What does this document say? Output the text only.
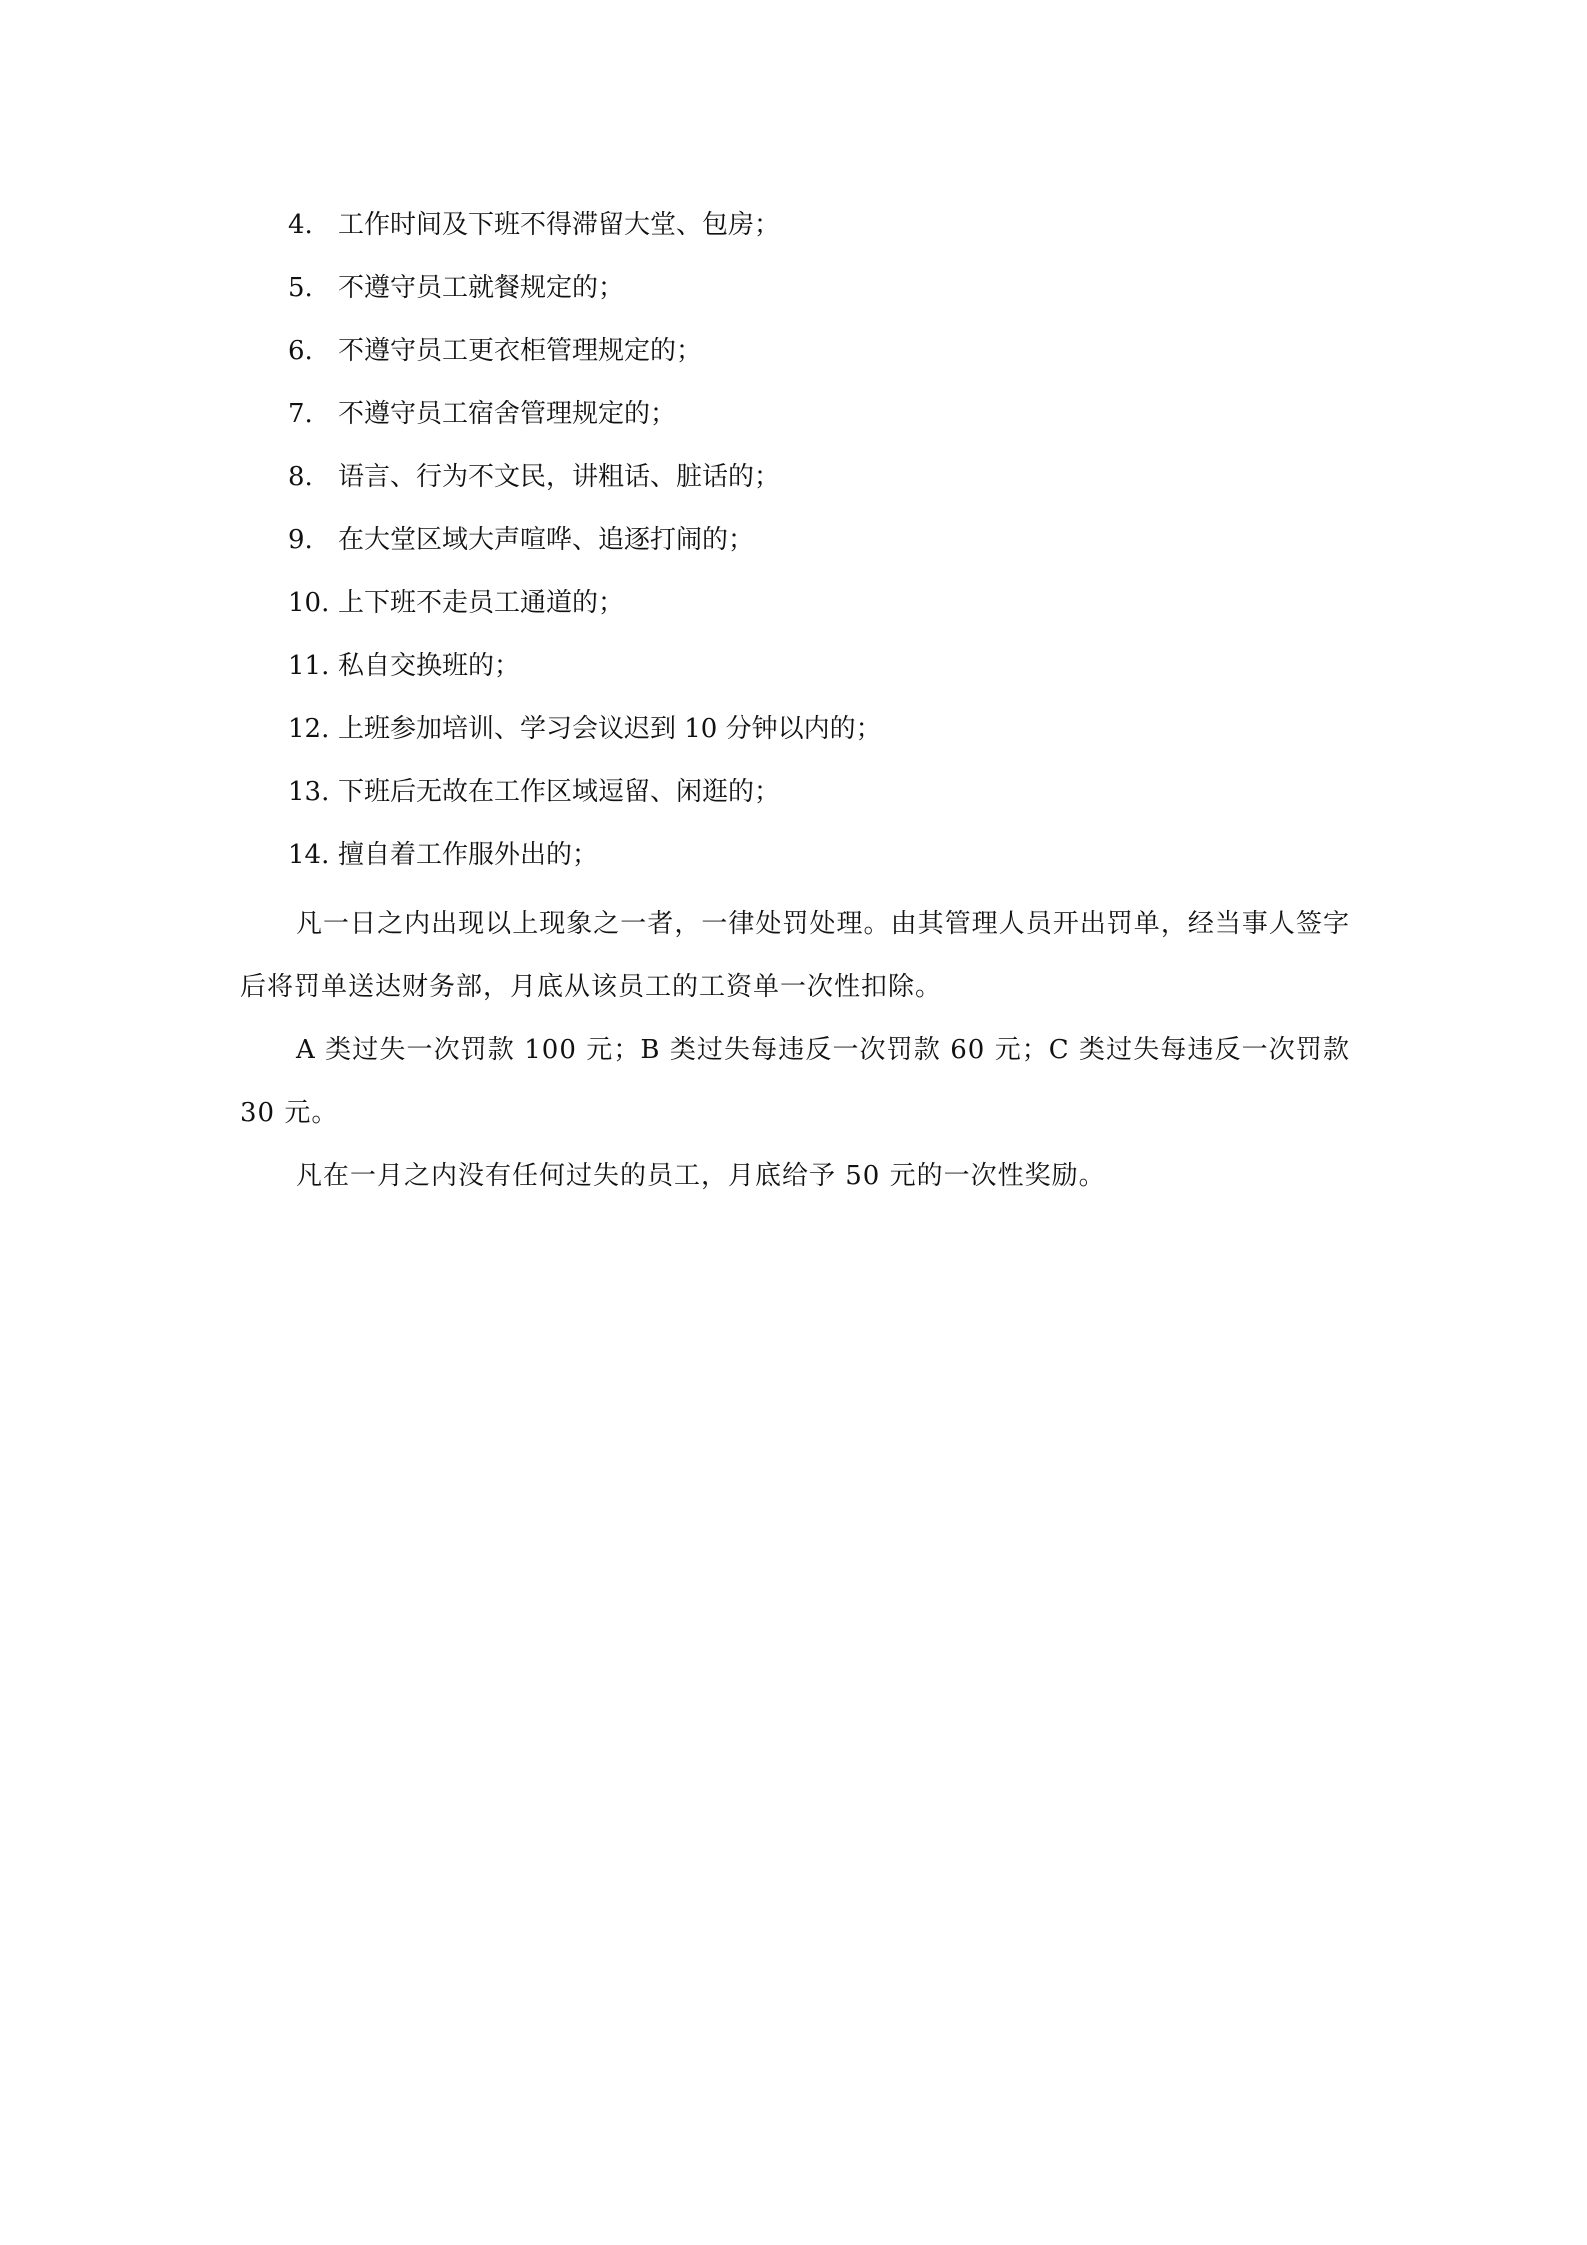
4. 工作时间及下班不得滞留大堂、包房；
5. 不遵守员工就餐规定的；
6. 不遵守员工更衣柜管理规定的；
7. 不遵守员工宿舍管理规定的；
8. 语言、行为不文民，讲粗话、脏话的；
9. 在大堂区域大声喧哗、追逐打闹的；
10. 上下班不走员工通道的；
11. 私自交换班的；
12. 上班参加培训、学习会议迟到 10 分钟以内的；
13. 下班后无故在工作区域逗留、闲逛的；
14. 擅自着工作服外出的；

凡一日之内出现以上现象之一者，一律处罚处理。由其管理人员开出罚单，经当事人签字后将罚单送达财务部，月底从该员工的工资单一次性扣除。

A 类过失一次罚款 100 元；B 类过失每违反一次罚款 60 元；C 类过失每违反一次罚款 30 元。

凡在一月之内没有任何过失的员工，月底给予 50 元的一次性奖励。
